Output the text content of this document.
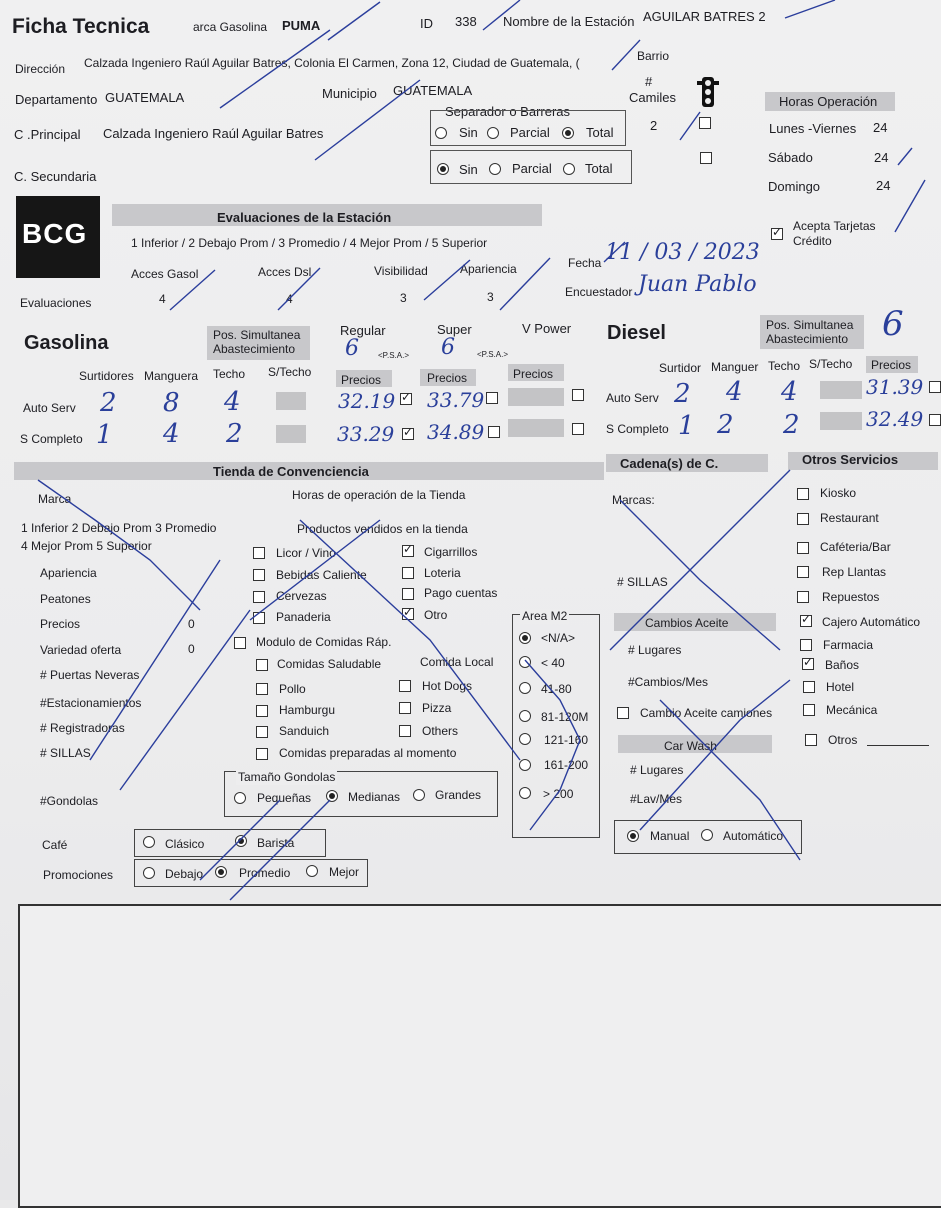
Ficha Tecnica	arca Gasolina PUMA	ID 338 Nombre de la Estación AGUILAR BATRES 2
Dirección Calzada Ingeniero Raúl Aguilar Batres, Colonia El Carmen, Zona 12, Ciudad de Guatemala, (	Barrio
Departamento GUATEMALA	Municipio GUATEMALA
C .Principal Calzada Ingeniero Raúl Aguilar Batres
C. Secundaria
Separador o Barreras
Sin Parcial	Total
Sin	Parcial	Total
#
Camiles
2
Horas Operación
Lunes -Viernes 24
Sábado	24
Domingo	24
BCG
Evaluaciones de la Estación
1 Inferior / 2 Debajo Prom / 3 Promedio / 4 Mejor Prom / 5 Superior
Evaluaciones
Acces Gasol
4
Acces Dsl
4
Visibilidad
3
Apariencia
3
✓
Acepta Tarjetas Crédito
Fecha 11 / 03 / 2023
Encuestador Juan Pablo
Gasolina	Pos. Simultanea Abastecimiento
Regular
6 <P.S.A.>
Super
6	<P.S.A.>
V Power
Surtidores Manguera Techo S/Techo
Precios	Precios	Precios
Auto Serv 2 8 4	32.19 ✓ 33.79
S Completo 1 4 2	33.29 ✓ 34.89
Diesel	Pos. Simultanea Abastecimiento 6
Surtidor Manguer Techo S/Techo Precios
Auto Serv 2 4 4	31.39
S Completo 1 2 2	32.49
Tienda de Convenciencia
Marca	Horas de operación de la Tienda
1 Inferior 2 Debajo Prom 3 Promedio
4 Mejor Prom 5 Superior
Productos vendidos en la tienda
Apariencia
Peatones
Precios	0
Variedad oferta	0
# Puertas Neveras
#Estacionamientos
# Registradoras
# SILLAS
#Gondolas
Licor / Vino
Bebidas Caliente
Cervezas
Panaderia
✓
Cigarrillos
Loteria
Pago cuentas
✓
Otro
Modulo de Comidas Ráp.
Comida Local
Comidas Saludable
Pollo
Hamburgu
Sanduich
Comidas preparadas al momento
Hot Dogs
Pizza
Others
Tamaño Gondolas
Pequeñas	Medianas	Grandes
Café	Clásico	Barista
Promociones	Debajo	Promedio	Mejor
Area M2
<N/A>
< 40
41-80
81-120M
121-160
161-200
> 200
Cadena(s) de C.
Marcas:
# SILLAS
Cambios Aceite
# Lugares
#Cambios/Mes
Cambio Aceite camiones
Car Wash
# Lugares
#Lav/Mes
Manual	Automático
Otros Servicios
Kiosko
Restaurant
Caféteria/Bar
Rep Llantas
Repuestos
✓
Cajero Automático
Farmacia
✓
Baños
Hotel
Mecánica
Otros
